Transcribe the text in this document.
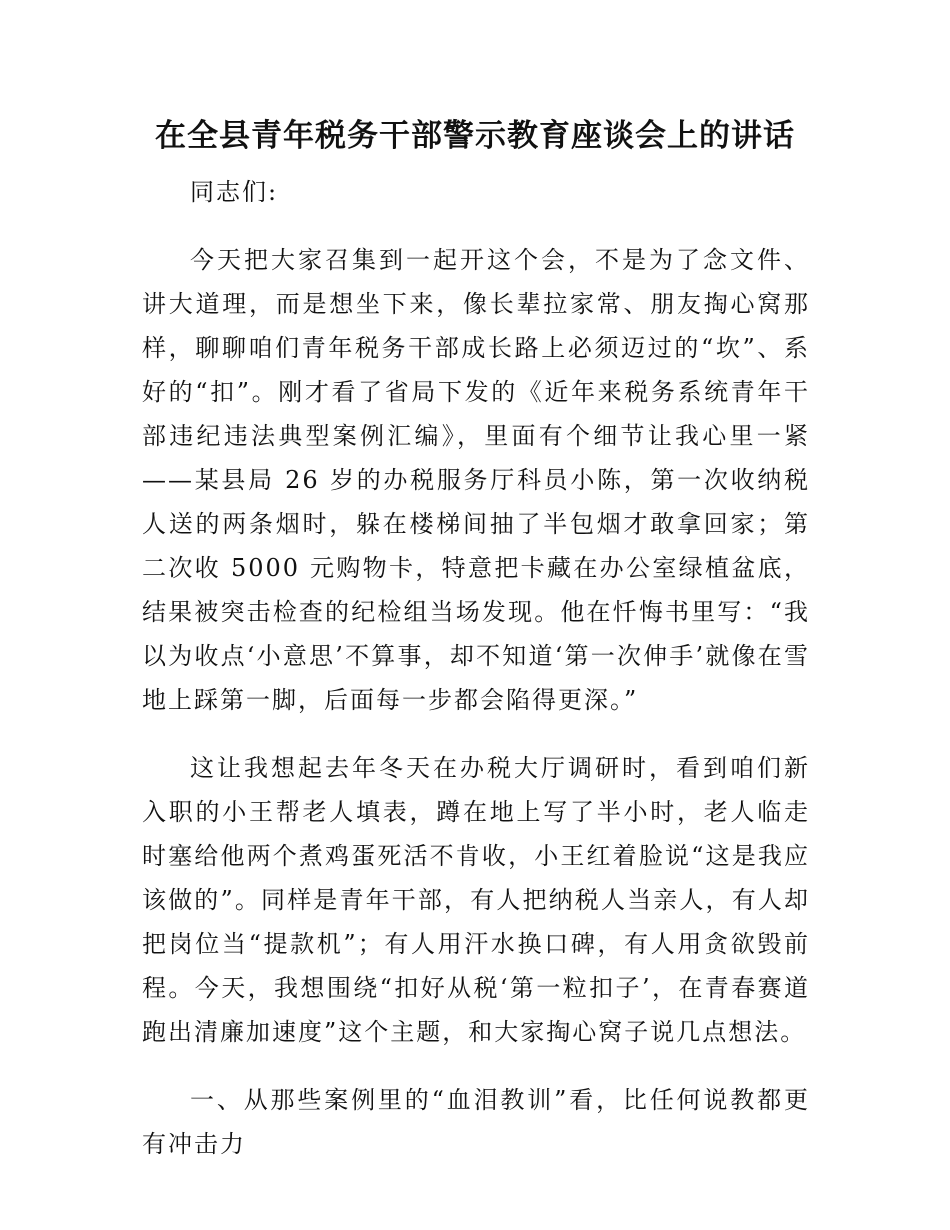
在全县青年税务干部警示教育座谈会上的讲话

同志们:

今天把大家召集到一起开这个会，不是为了念文件、讲大道理，而是想坐下来，像长辈拉家常、朋友掏心窝那样，聊聊咱们青年税务干部成长路上必须迈过的“坎”、系好的“扣”。刚才看了省局下发的《近年来税务系统青年干部违纪违法典型案例汇编》，里面有个细节让我心里一紧——某县局 26 岁的办税服务厅科员小陈，第一次收纳税人送的两条烟时，躲在楼梯间抽了半包烟才敢拿回家；第二次收 5000 元购物卡，特意把卡藏在办公室绿植盆底，结果被突击检查的纪检组当场发现。他在忏悔书里写：“我以为收点‘小意思’不算事，却不知道‘第一次伸手’就像在雪地上踩第一脚，后面每一步都会陷得更深。”

这让我想起去年冬天在办税大厅调研时，看到咱们新入职的小王帮老人填表，蹲在地上写了半小时，老人临走时塞给他两个煮鸡蛋死活不肯收，小王红着脸说“这是我应该做的”。同样是青年干部，有人把纳税人当亲人，有人却把岗位当“提款机”；有人用汗水换口碑，有人用贪欲毁前程。今天，我想围绕“扣好从税‘第一粒扣子’，在青春赛道跑出清廉加速度”这个主题，和大家掏心窝子说几点想法。

一、从那些案例里的“血泪教训”看，比任何说教都更有冲击力
